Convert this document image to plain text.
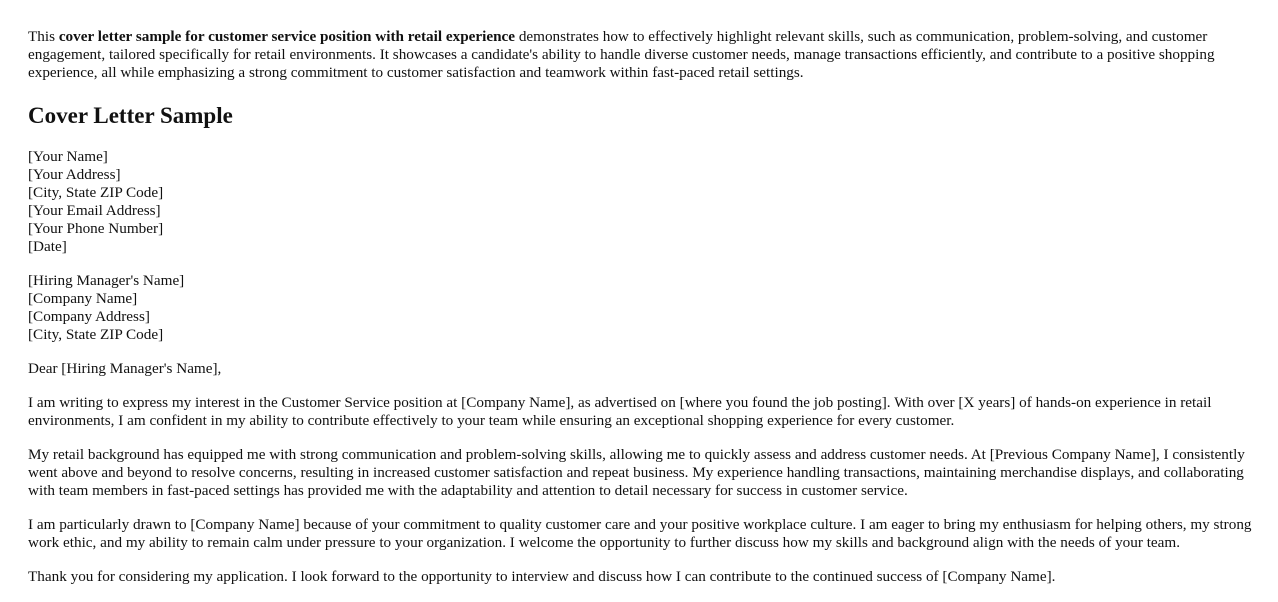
This cover letter sample for customer service position with retail experience demonstrates how to effectively highlight relevant skills, such as communication, problem-solving, and customer engagement, tailored specifically for retail environments. It showcases a candidate's ability to handle diverse customer needs, manage transactions efficiently, and contribute to a positive shopping experience, all while emphasizing a strong commitment to customer satisfaction and teamwork within fast-paced retail settings.

Cover Letter Sample
[Your Name]
[Your Address]
[City, State ZIP Code]
[Your Email Address]
[Your Phone Number]
[Date]
[Hiring Manager's Name]
[Company Name]
[Company Address]
[City, State ZIP Code]

Dear [Hiring Manager's Name],

I am writing to express my interest in the Customer Service position at [Company Name], as advertised on [where you found the job posting]. With over [X years] of hands-on experience in retail environments, I am confident in my ability to contribute effectively to your team while ensuring an exceptional shopping experience for every customer.

My retail background has equipped me with strong communication and problem-solving skills, allowing me to quickly assess and address customer needs. At [Previous Company Name], I consistently went above and beyond to resolve concerns, resulting in increased customer satisfaction and repeat business. My experience handling transactions, maintaining merchandise displays, and collaborating with team members in fast-paced settings has provided me with the adaptability and attention to detail necessary for success in customer service.

I am particularly drawn to [Company Name] because of your commitment to quality customer care and your positive workplace culture. I am eager to bring my enthusiasm for helping others, my strong work ethic, and my ability to remain calm under pressure to your organization. I welcome the opportunity to further discuss how my skills and background align with the needs of your team.

Thank you for considering my application. I look forward to the opportunity to interview and discuss how I can contribute to the continued success of [Company Name].
